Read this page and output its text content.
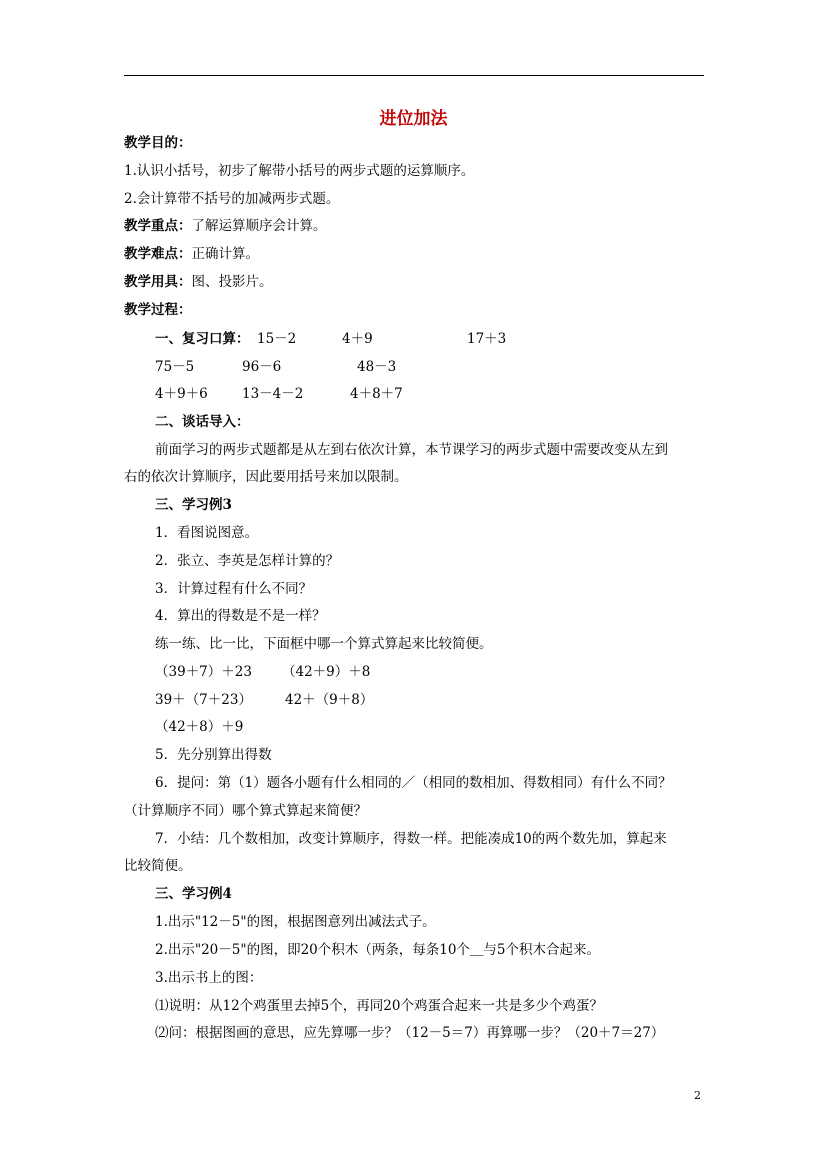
进位加法
教学目的：
1.认识小括号，初步了解带小括号的两步式题的运算顺序。
2.会计算带不括号的加减两步式题。
教学重点：了解运算顺序会计算。
教学难点：正确计算。
教学用具：图、投影片。
教学过程：
一、复习口算： 15－2	4＋9	17＋3
75－5	96－6	48－3
4＋9＋6	13－4－2	4＋8＋7
二、谈话导入：
前面学习的两步式题都是从左到右依次计算，本节课学习的两步式题中需要改变从左到
右的依次计算顺序，因此要用括号来加以限制。
三、学习例3
1．看图说图意。
2．张立、李英是怎样计算的？
3．计算过程有什么不同？
4．算出的得数是不是一样？
练一练、比一比，下面框中哪一个算式算起来比较简便。
（39＋7）＋23 （42＋9）＋8
39＋（7＋23） 42＋（9＋8）
（42＋8）＋9
5．先分别算出得数
6．提问：第（1）题各小题有什么相同的／（相同的数相加、得数相同）有什么不同？
（计算顺序不同）哪个算式算起来简便？
7．小结：几个数相加，改变计算顺序，得数一样。把能凑成10的两个数先加，算起来
比较简便。
三、学习例4
1.出示"12－5"的图，根据图意列出减法式子。
2.出示"20－5"的图，即20个积木（两条，每条10个＿与5个积木合起来。
3.出示书上的图：
⑴说明：从12个鸡蛋里去掉5个，再同20个鸡蛋合起来一共是多少个鸡蛋？
⑵问：根据图画的意思，应先算哪一步？（12－5＝7）再算哪一步？（20＋7＝27）
2
